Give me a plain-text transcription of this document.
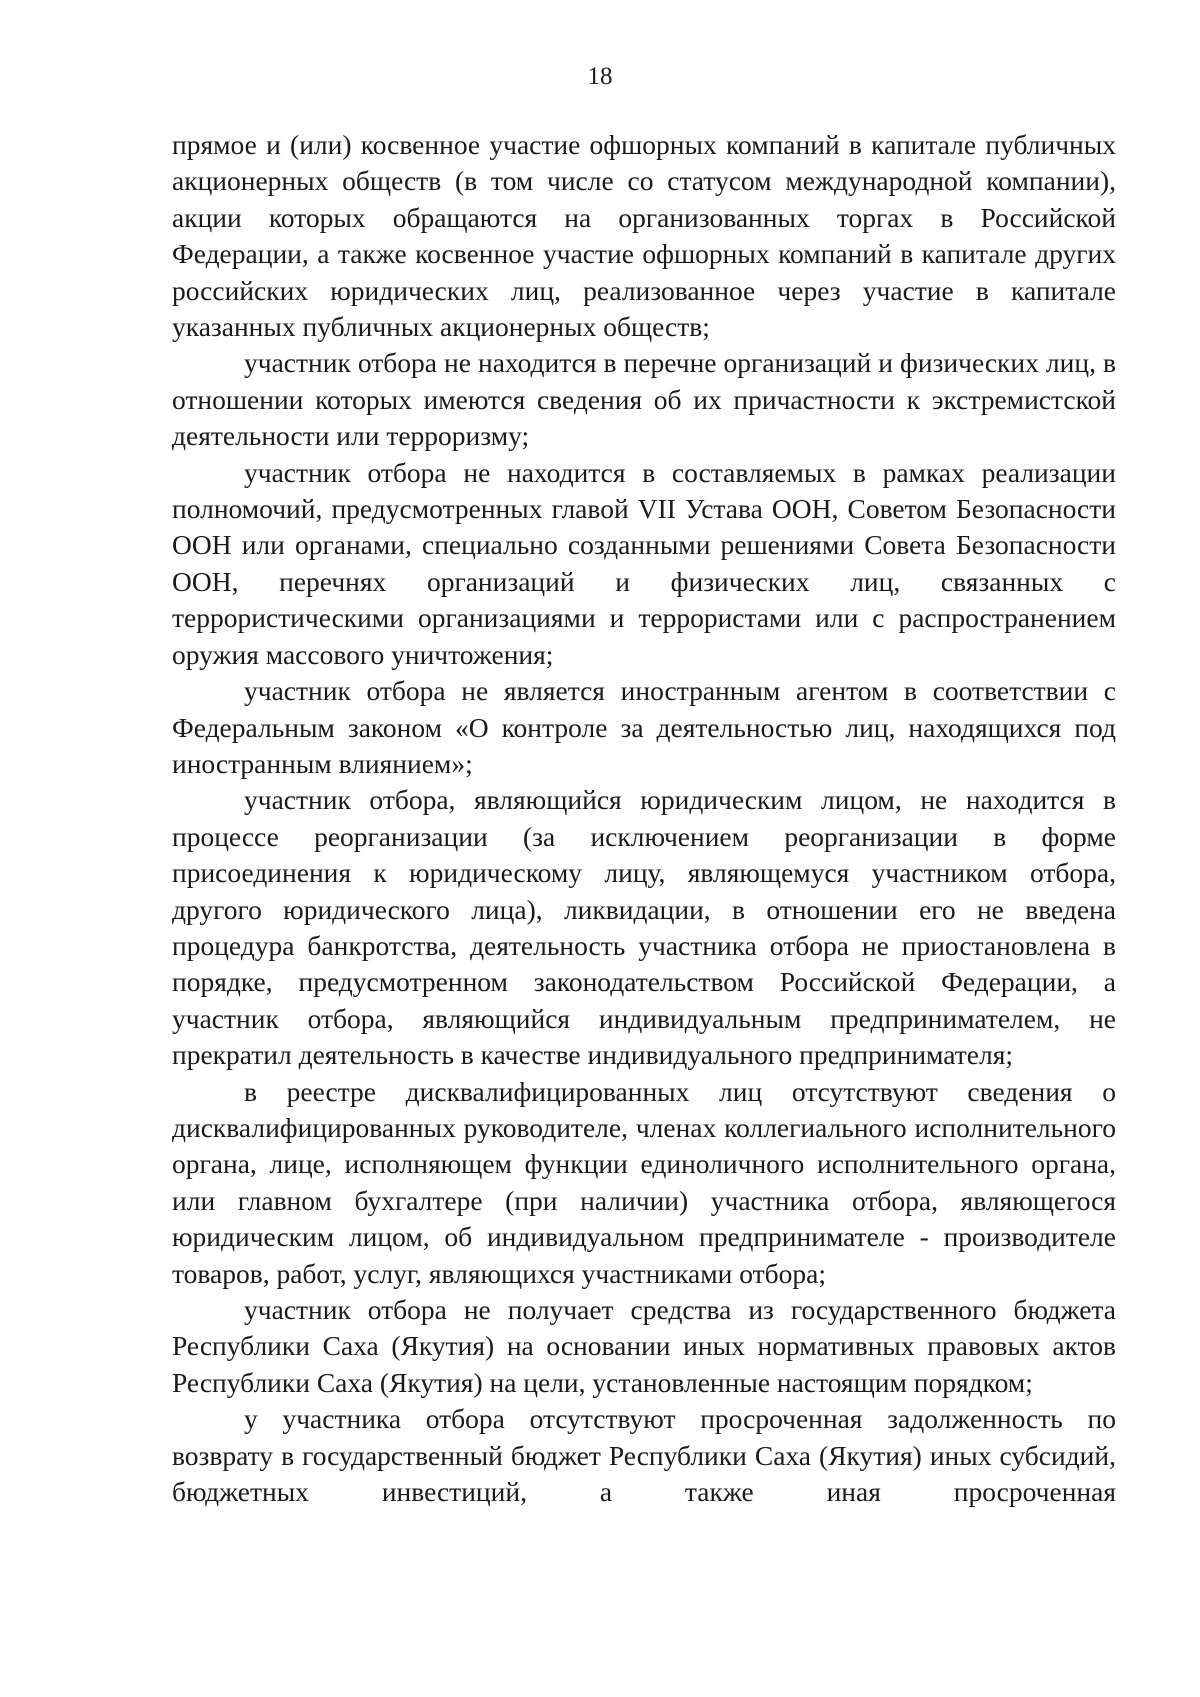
18

прямое и (или) косвенное участие офшорных компаний в капитале публичных акционерных обществ (в том числе со статусом международной компании), акции которых обращаются на организованных торгах в Российской Федерации, а также косвенное участие офшорных компаний в капитале других российских юридических лиц, реализованное через участие в капитале указанных публичных акционерных обществ;

участник отбора не находится в перечне организаций и физических лиц, в отношении которых имеются сведения об их причастности к экстремистской деятельности или терроризму;

участник отбора не находится в составляемых в рамках реализации полномочий, предусмотренных главой VII Устава ООН, Советом Безопасности ООН или органами, специально созданными решениями Совета Безопасности ООН, перечнях организаций и физических лиц, связанных с террористическими организациями и террористами или с распространением оружия массового уничтожения;

участник отбора не является иностранным агентом в соответствии с Федеральным законом «О контроле за деятельностью лиц, находящихся под иностранным влиянием»;

участник отбора, являющийся юридическим лицом, не находится в процессе реорганизации (за исключением реорганизации в форме присоединения к юридическому лицу, являющемуся участником отбора, другого юридического лица), ликвидации, в отношении его не введена процедура банкротства, деятельность участника отбора не приостановлена в порядке, предусмотренном законодательством Российской Федерации, а участник отбора, являющийся индивидуальным предпринимателем, не прекратил деятельность в качестве индивидуального предпринимателя;

в реестре дисквалифицированных лиц отсутствуют сведения о дисквалифицированных руководителе, членах коллегиального исполнительного органа, лице, исполняющем функции единоличного исполнительного органа, или главном бухгалтере (при наличии) участника отбора, являющегося юридическим лицом, об индивидуальном предпринимателе - производителе товаров, работ, услуг, являющихся участниками отбора;

участник отбора не получает средства из государственного бюджета Республики Саха (Якутия) на основании иных нормативных правовых актов Республики Саха (Якутия) на цели, установленные настоящим порядком;

у участника отбора отсутствуют просроченная задолженность по возврату в государственный бюджет Республики Саха (Якутия) иных субсидий, бюджетных инвестиций, а также иная просроченная
